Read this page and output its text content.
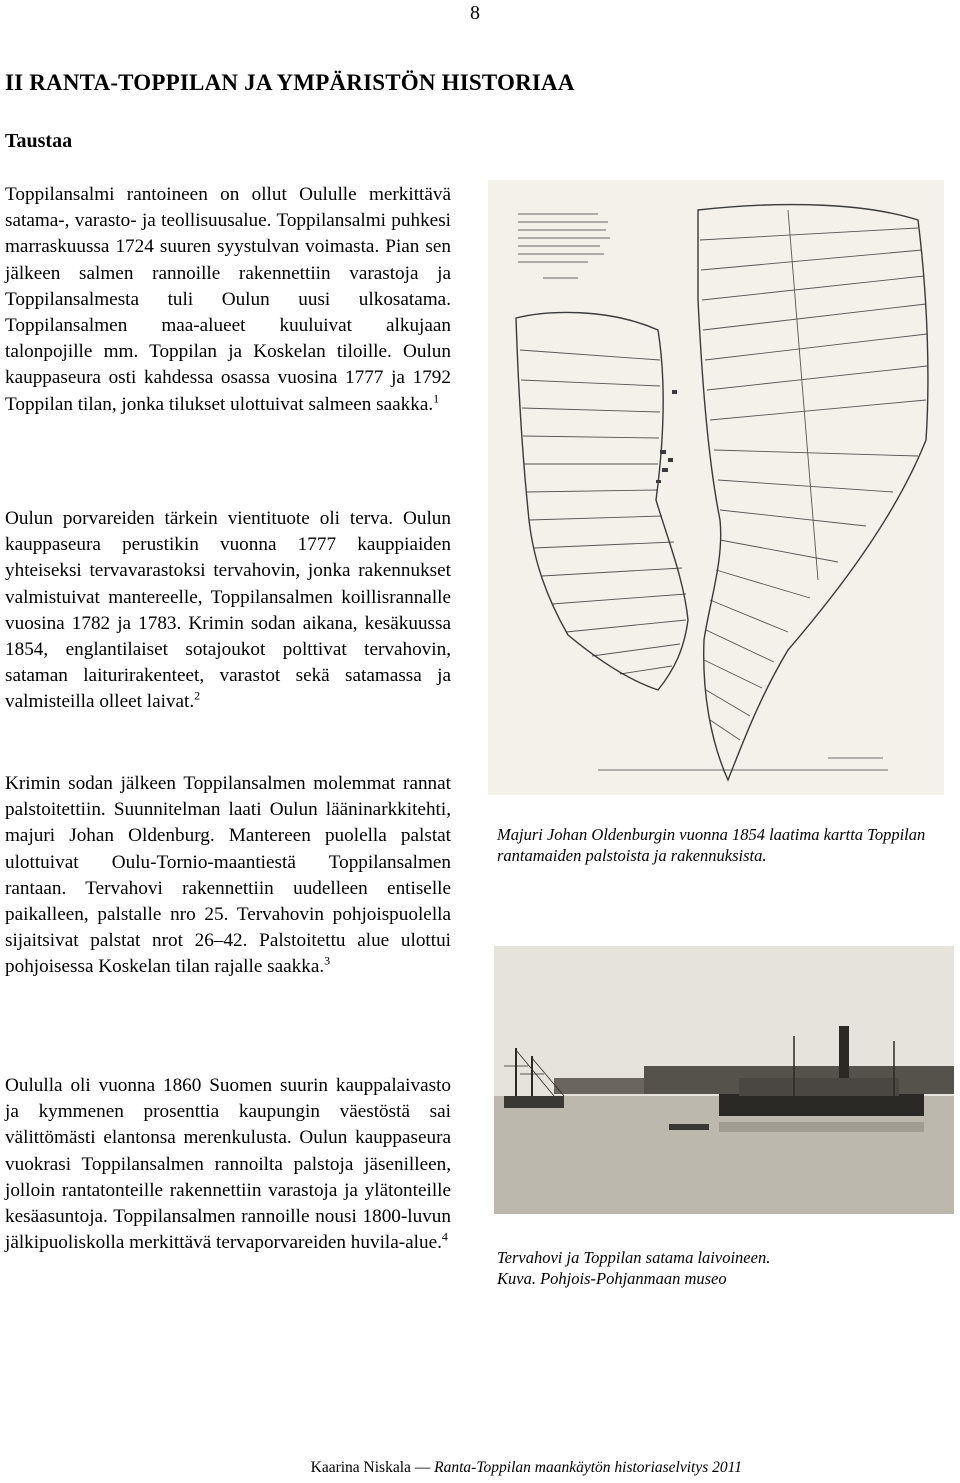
8
II RANTA-TOPPILAN JA YMPÄRISTÖN HISTORIAA
Taustaa

Toppilansalmi rantoineen on ollut Oululle merkittävä satama-, varasto- ja teollisuusalue. Toppilansalmi puhkesi marraskuussa 1724 suuren syystulvan voimasta. Pian sen jälkeen salmen rannoille rakennettiin varastoja ja Toppilansalmesta tuli Oulun uusi ulkosatama. Toppilansalmen maa-alueet kuuluivat alkujaan talonpojille mm. Toppilan ja Koskelan tiloille. Oulun kauppaseura osti kahdessa osassa vuosina 1777 ja 1792 Toppilan tilan, jonka tilukset ulottuivat salmeen saakka.$^1$

Oulun porvareiden tärkein vientituote oli terva. Oulun kauppaseura perustikin vuonna 1777 kauppiaiden yhteiseksi tervavarastoksi tervahovin, jonka rakennukset valmistuivat mantereelle, Toppilansalmen koillisrannalle vuosina 1782 ja 1783. Krimin sodan aikana, kesäkuussa 1854, englantilaiset sotajoukot polttivat tervahovin, sataman laiturirakenteet, varastot sekä satamassa ja valmisteilla olleet laivat.$^2$

Krimin sodan jälkeen Toppilansalmen molemmat rannat palstoitettiin. Suunnitelman laati Oulun lääninarkkitehti, majuri Johan Oldenburg. Mantereen puolella palstat ulottuivat Oulu-Tornio-maantiestä Toppilansalmen rantaan. Tervahovi rakennettiin uudelleen entiselle paikalleen, palstalle nro 25. Tervahovin pohjoispuolella sijaitsivat palstat nrot 26–42. Palstoitettu alue ulottui pohjoisessa Koskelan tilan rajalle saakka.$^3$

Oululla oli vuonna 1860 Suomen suurin kauppalaivasto ja kymmenen prosenttia kaupungin väestöstä sai välittömästi elantonsa merenkulusta. Oulun kauppaseura vuokrasi Toppilansalmen rannoilta palstoja jäsenilleen, jolloin rantatonteille rakennettiin varastoja ja ylätonteille kesäasuntoja. Toppilansalmen rannoille nousi 1800-luvun jälkipuoliskolla merkittävä tervaporvareiden huvila-alue.$^4$

Majuri Johan Oldenburgin vuonna 1854 laatima kartta Toppilan rantamaiden palstoista ja rakennuksista.
Tervahovi ja Toppilan satama laivoineen.
Kuva. Pohjois-Pohjanmaan museo
Kaarina Niskala — Ranta-Toppilan maankäytön historiaselvitys 2011
